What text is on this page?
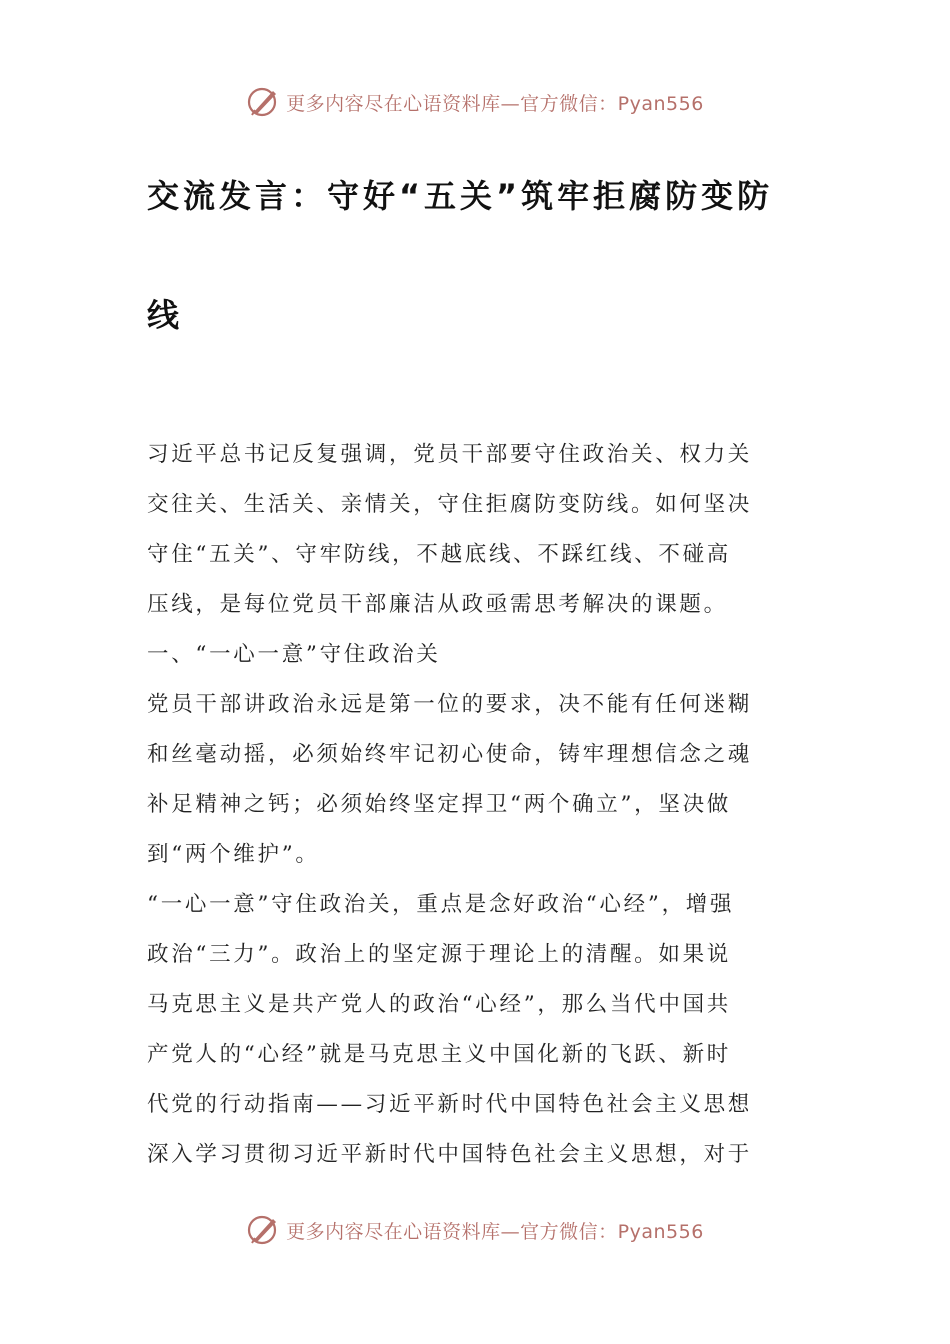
更多内容尽在心语资料库—官方微信：Pyan556
交流发言：守好“五关”筑牢拒腐防变防
线
习近平总书记反复强调，党员干部要守住政治关、权力关
交往关、生活关、亲情关，守住拒腐防变防线。如何坚决
守住“五关”、守牢防线，不越底线、不踩红线、不碰高
压线，是每位党员干部廉洁从政亟需思考解决的课题。
一、“一心一意”守住政治关
党员干部讲政治永远是第一位的要求，决不能有任何迷糊
和丝毫动摇，必须始终牢记初心使命，铸牢理想信念之魂
补足精神之钙；必须始终坚定捍卫“两个确立”，坚决做
到“两个维护”。
“一心一意”守住政治关，重点是念好政治“心经”，增强
政治“三力”。政治上的坚定源于理论上的清醒。如果说
马克思主义是共产党人的政治“心经”，那么当代中国共
产党人的“心经”就是马克思主义中国化新的飞跃、新时
代党的行动指南——习近平新时代中国特色社会主义思想
深入学习贯彻习近平新时代中国特色社会主义思想，对于
更多内容尽在心语资料库—官方微信：Pyan556
